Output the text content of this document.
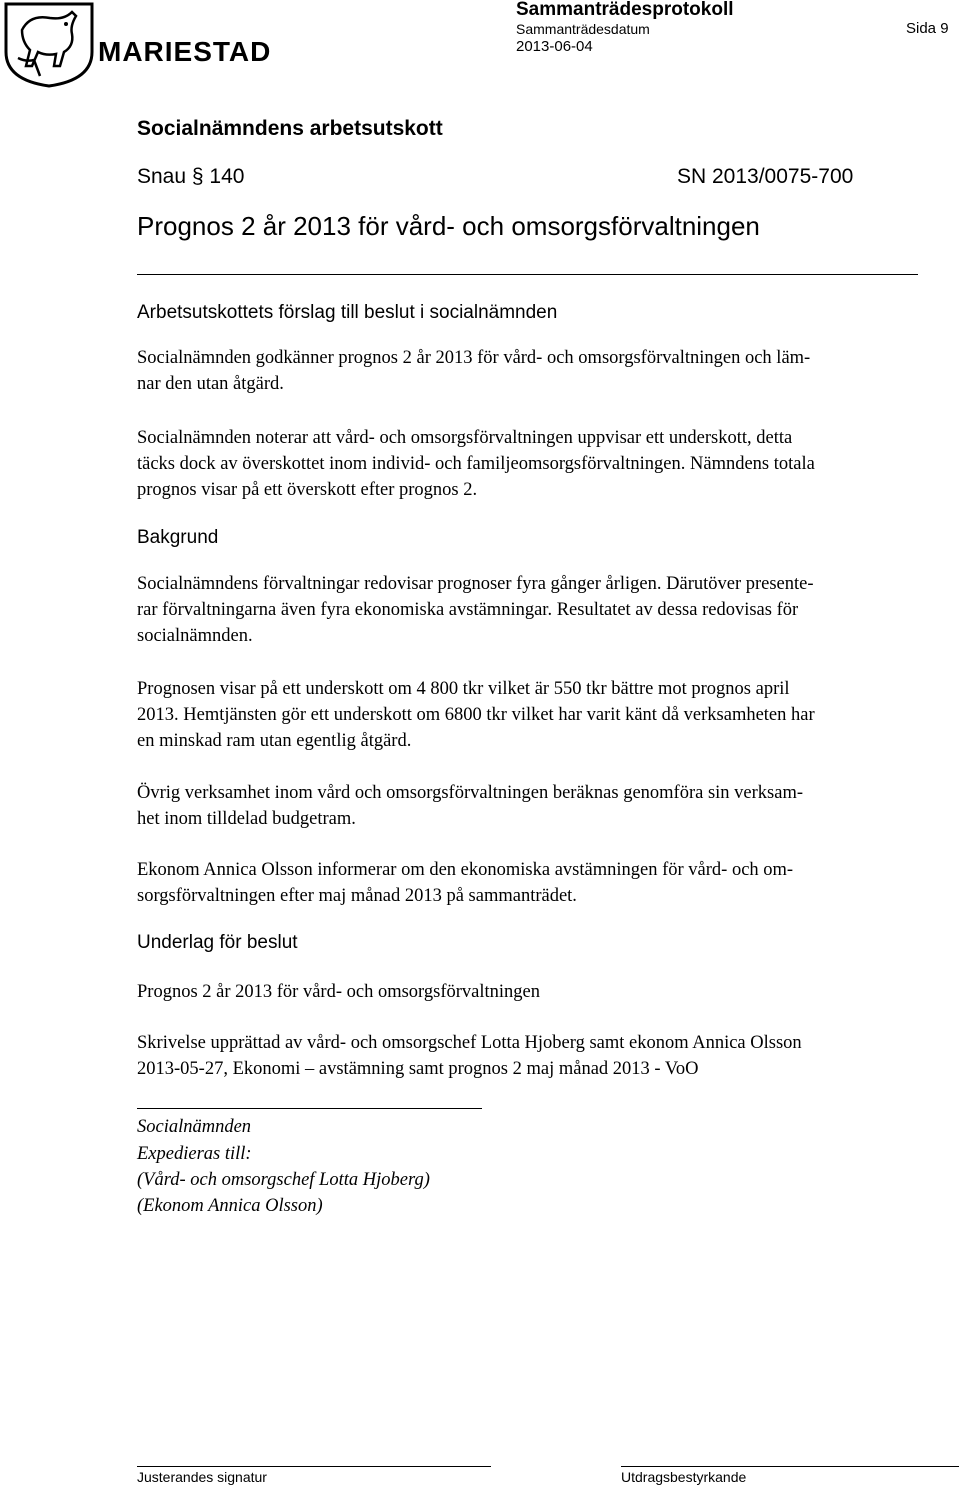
MARIESTAD
Sammanträdesprotokoll
Sammanträdesdatum
2013-06-04
Sida 9
Socialnämndens arbetsutskott
Snau § 140	SN 2013/0075-700
Prognos 2 år 2013 för vård- och omsorgsförvaltningen
Arbetsutskottets förslag till beslut i socialnämnden
Socialnämnden godkänner prognos 2 år 2013 för vård- och omsorgsförvaltningen och läm-
nar den utan åtgärd.
Socialnämnden noterar att vård- och omsorgsförvaltningen uppvisar ett underskott, detta
täcks dock av överskottet inom individ- och familjeomsorgsförvaltningen. Nämndens totala
prognos visar på ett överskott efter prognos 2.
Bakgrund
Socialnämndens förvaltningar redovisar prognoser fyra gånger årligen. Därutöver presente-
rar förvaltningarna även fyra ekonomiska avstämningar. Resultatet av dessa redovisas för
socialnämnden.
Prognosen visar på ett underskott om 4 800 tkr vilket är 550 tkr bättre mot prognos april
2013. Hemtjänsten gör ett underskott om 6800 tkr vilket har varit känt då verksamheten har
en minskad ram utan egentlig åtgärd.
Övrig verksamhet inom vård och omsorgsförvaltningen beräknas genomföra sin verksam-
het inom tilldelad budgetram.
Ekonom Annica Olsson informerar om den ekonomiska avstämningen för vård- och om-
sorgsförvaltningen efter maj månad 2013 på sammanträdet.
Underlag för beslut
Prognos 2 år 2013 för vård- och omsorgsförvaltningen
Skrivelse upprättad av vård- och omsorgschef Lotta Hjoberg samt ekonom Annica Olsson
2013-05-27, Ekonomi – avstämning samt prognos 2 maj månad 2013 - VoO
Socialnämnden
Expedieras till:
(Vård- och omsorgschef Lotta Hjoberg)
(Ekonom Annica Olsson)
Justerandes signatur	Utdragsbestyrkande
